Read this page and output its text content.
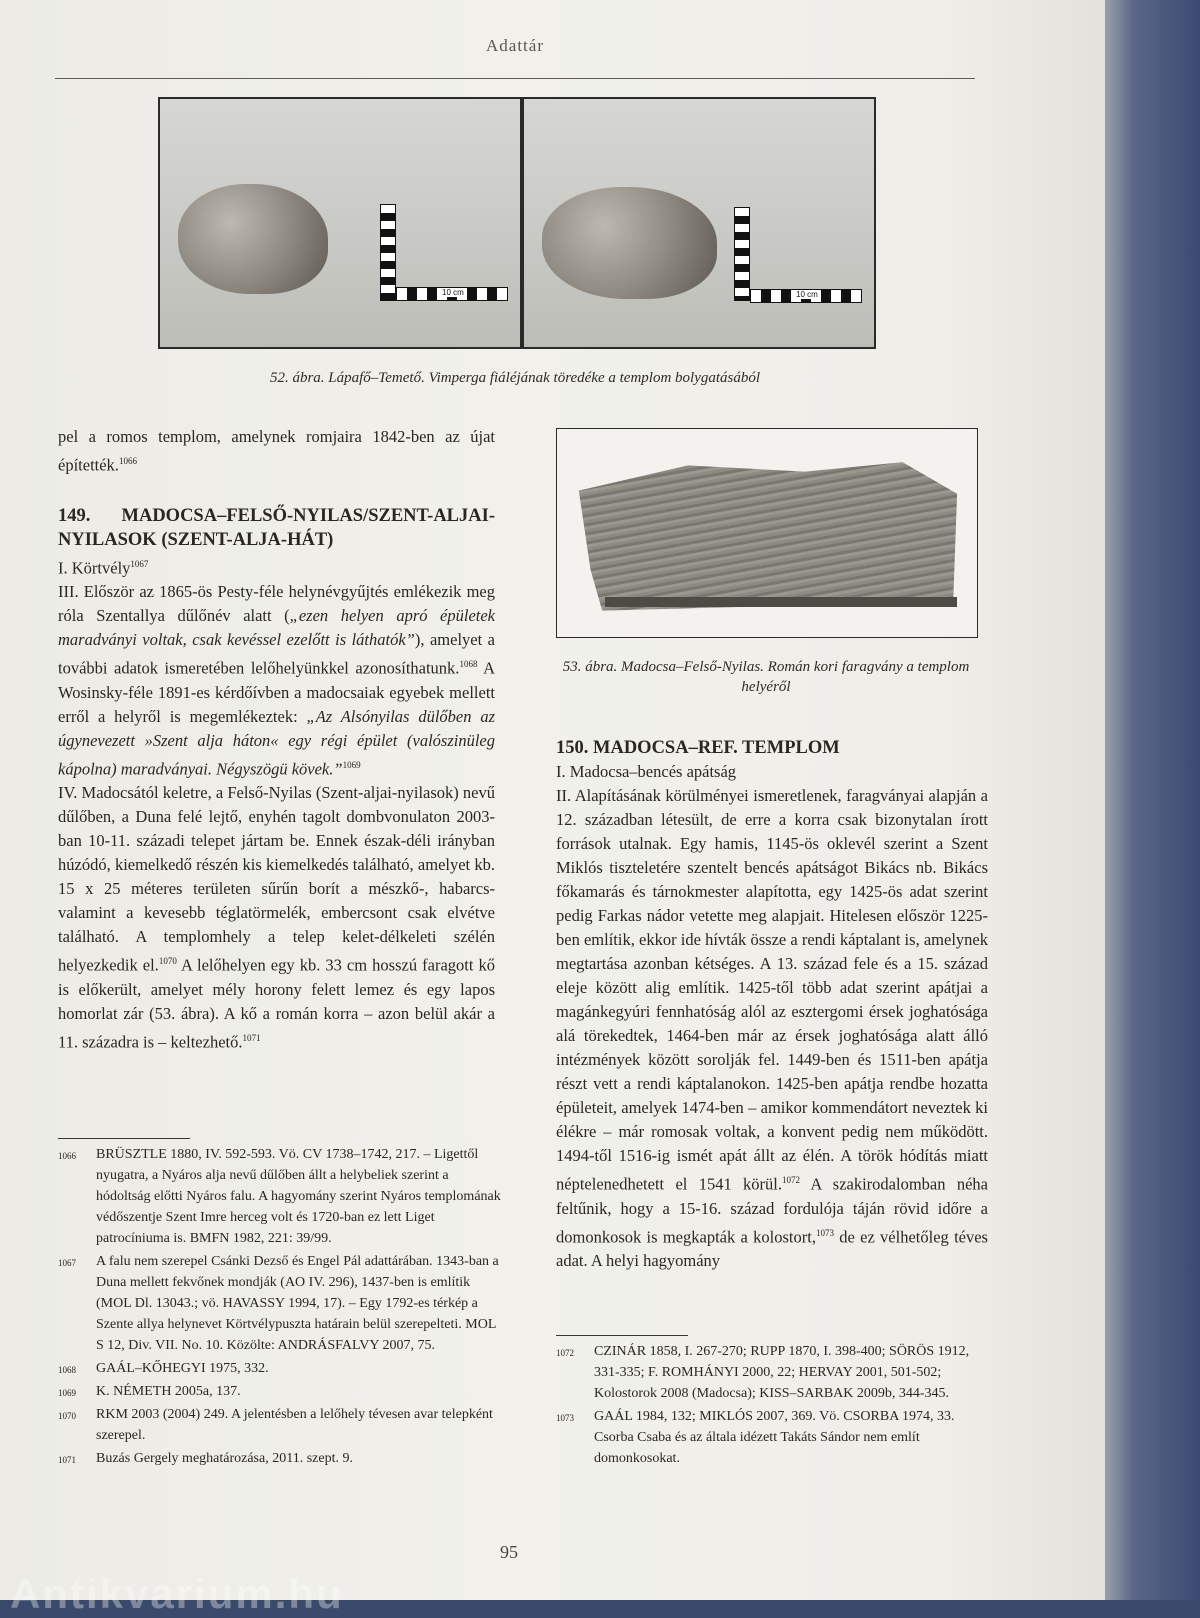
Adattár
10 cm	10 cm
52. ábra. Lápafő–Temető. Vimperga fiáléjának töredéke a templom bolygatásából
53. ábra. Madocsa–Felső-Nyilas. Román kori faragvány a templom helyéről

pel a romos templom, amelynek romjaira 1842-ben az újat építették.$^{1066}$

149. MADOCSA–FELSŐ-NYILAS/SZENT-ALJAI-NYILASOK (SZENT-ALJA-HÁT)

I. Körtvély$^{1067}$

III. Először az 1865-ös Pesty-féle helynévgyűjtés emlékezik meg róla Szentallya dűlőnév alatt („ezen helyen apró épületek maradványi voltak, csak kevéssel ezelőtt is láthatók”), amelyet a további adatok ismeretében lelőhelyünkkel azonosíthatunk.$^{1068}$ A Wosinsky-féle 1891-es kérdőívben a madocsaiak egyebek mellett erről a helyről is megemlékeztek: „Az Alsónyilas dülőben az úgynevezett »Szent alja háton« egy régi épület (valószinüleg kápolna) maradványai. Négyszögü kövek.”$^{1069}$

IV. Madocsától keletre, a Felső-Nyilas (Szent-aljai-nyilasok) nevű dűlőben, a Duna felé lejtő, enyhén tagolt dombvonulaton 2003-ban 10-11. századi telepet jártam be. Ennek észak-déli irányban húzódó, kiemelkedő részén kis kiemelkedés található, amelyet kb. 15 x 25 méteres területen sűrűn borít a mészkő-, habarcs- valamint a kevesebb téglatörmelék, embercsont csak elvétve található. A templomhely a telep kelet-délkeleti szélén helyezkedik el.$^{1070}$ A lelőhelyen egy kb. 33 cm hosszú faragott kő is előkerült, amelyet mély horony felett lemez és egy lapos homorlat zár (53. ábra). A kő a román korra – azon belül akár a 11. századra is – keltezhető.$^{1071}$

1066 BRÜSZTLE 1880, IV. 592-593. Vö. CV 1738–1742, 217. – Ligettől nyugatra, a Nyáros alja nevű dűlőben állt a helybeliek szerint a hódoltság előtti Nyáros falu. A hagyomány szerint Nyáros templomának védőszentje Szent Imre herceg volt és 1720-ban ez lett Liget patrocíniuma is. BMFN 1982, 221: 39/99.
1067 A falu nem szerepel Csánki Dezső és Engel Pál adattárában. 1343-ban a Duna mellett fekvőnek mondják (AO IV. 296), 1437-ben is említik (MOL Dl. 13043.; vö. HAVASSY 1994, 17). – Egy 1792-es térkép a Szente allya helynevet Körtvélypuszta határain belül szerepelteti. MOL S 12, Div. VII. No. 10. Közölte: ANDRÁSFALVY 2007, 75.
1068 GAÁL–KŐHEGYI 1975, 332.
1069 K. NÉMETH 2005a, 137.
1070 RKM 2003 (2004) 249. A jelentésben a lelőhely tévesen avar telepként szerepel.
1071 Buzás Gergely meghatározása, 2011. szept. 9.

150. MADOCSA–REF. TEMPLOM

I. Madocsa–bencés apátság

II. Alapításának körülményei ismeretlenek, faragványai alapján a 12. században létesült, de erre a korra csak bizonytalan írott források utalnak. Egy hamis, 1145-ös oklevél szerint a Szent Miklós tiszteletére szentelt bencés apátságot Bikács nb. Bikács főkamarás és tárnokmester alapította, egy 1425-ös adat szerint pedig Farkas nádor vetette meg alapjait. Hitelesen először 1225-ben említik, ekkor ide hívták össze a rendi káptalant is, amelynek megtartása azonban kétséges. A 13. század fele és a 15. század eleje között alig említik. 1425-től több adat szerint apátjai a magánkegyúri fennhatóság alól az esztergomi érsek joghatósága alá törekedtek, 1464-ben már az érsek joghatósága alatt álló intézmények között sorolják fel. 1449-ben és 1511-ben apátja részt vett a rendi káptalanokon. 1425-ben apátja rendbe hozatta épületeit, amelyek 1474-ben – amikor kommendátort neveztek ki élékre – már romosak voltak, a konvent pedig nem működött. 1494-től 1516-ig ismét apát állt az élén. A török hódítás miatt néptelenedhetett el 1541 körül.$^{1072}$ A szakirodalomban néha feltűnik, hogy a 15-16. század fordulója táján rövid időre a domonkosok is megkapták a kolostort,$^{1073}$ de ez vélhetőleg téves adat. A helyi hagyomány

1072 CZINÁR 1858, I. 267-270; RUPP 1870, I. 398-400; SÖRÖS 1912, 331-335; F. ROMHÁNYI 2000, 22; HERVAY 2001, 501-502; Kolostorok 2008 (Madocsa); KISS–SARBAK 2009b, 344-345.
1073 GAÁL 1984, 132; MIKLÓS 2007, 369. Vö. CSORBA 1974, 33. Csorba Csaba és az általa idézett Takáts Sándor nem említ domonkosokat.
95
Antikvarium.hu
